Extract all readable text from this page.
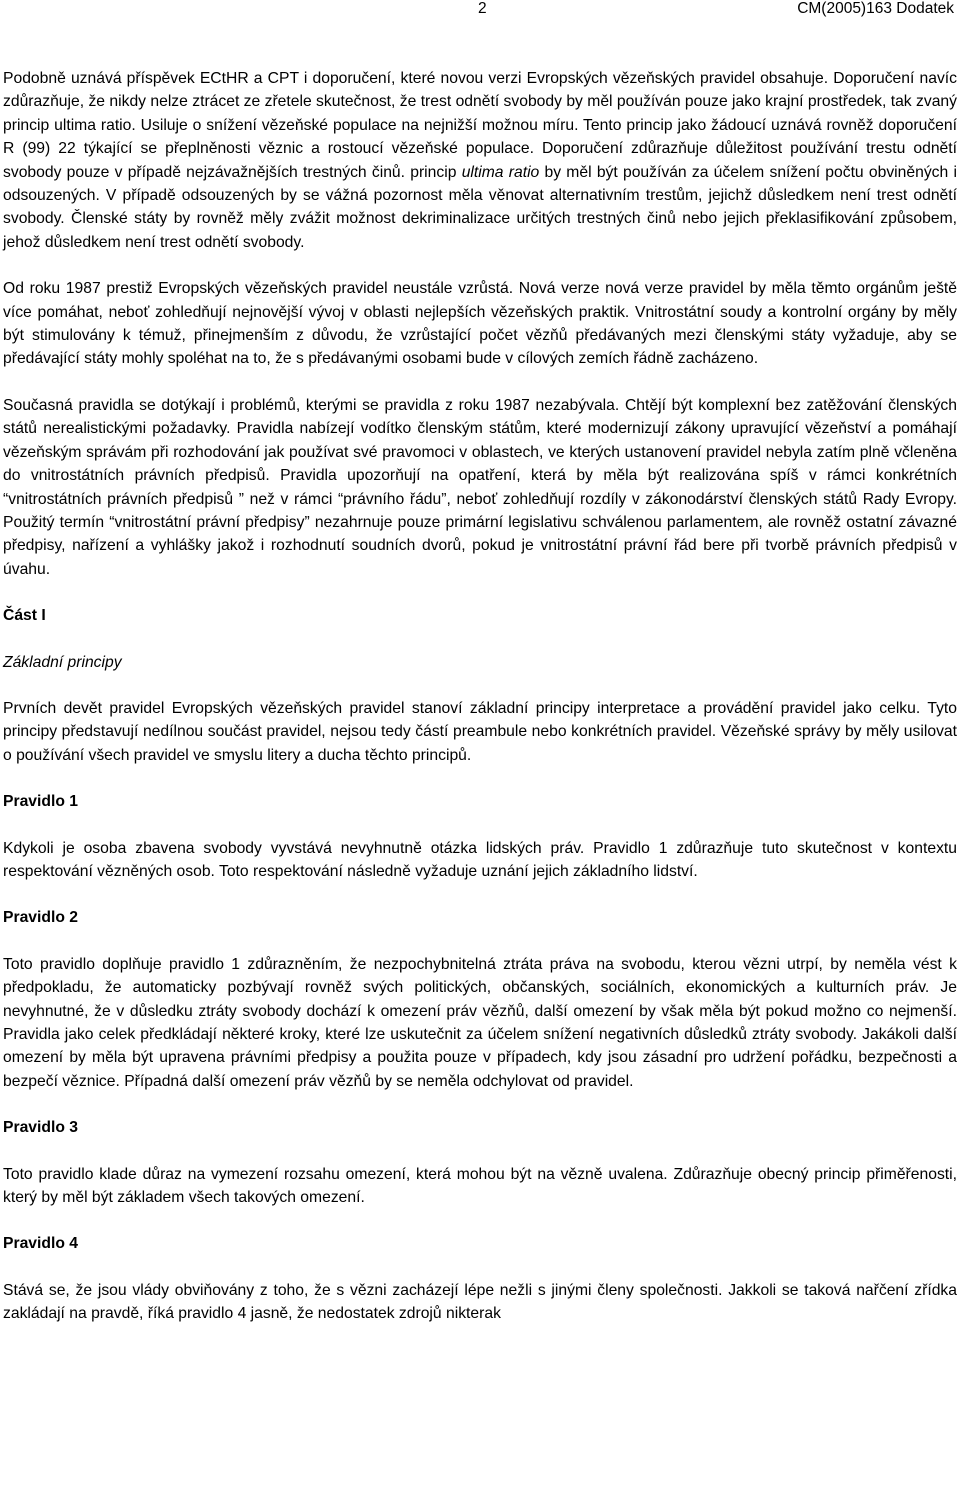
2	CM(2005)163 Dodatek

Podobně uznává příspěvek ECtHR a CPT i doporučení, které novou verzi Evropských vězeňských pravidel obsahuje. Doporučení navíc zdůrazňuje, že nikdy nelze ztrácet ze zřetele skutečnost, že trest odnětí svobody by měl používán pouze jako krajní prostředek, tak zvaný princip ultima ratio. Usiluje o snížení vězeňské populace na nejnižší možnou míru. Tento princip jako žádoucí uznává rovněž doporučení R (99) 22 týkající se přeplněnosti věznic a rostoucí vězeňské populace. Doporučení zdůrazňuje důležitost používání trestu odnětí svobody pouze v případě nejzávažnějších trestných činů. princip ultima ratio by měl být používán za účelem snížení počtu obviněných i odsouzených. V případě odsouzených by se vážná pozornost měla věnovat alternativním trestům, jejichž důsledkem není trest odnětí svobody. Členské státy by rovněž měly zvážit možnost dekriminalizace určitých trestných činů nebo jejich překlasifikování způsobem, jehož důsledkem není trest odnětí svobody.

Od roku 1987 prestiž Evropských vězeňských pravidel neustále vzrůstá. Nová verze nová verze pravidel by měla těmto orgánům ještě více pomáhat, neboť zohledňují nejnovější vývoj v oblasti nejlepších vězeňských praktik. Vnitrostátní soudy a kontrolní orgány by měly být stimulovány k témuž, přinejmenším z důvodu, že vzrůstající počet vězňů předávaných mezi členskými státy vyžaduje, aby se předávající státy mohly spoléhat na to, že s předávanými osobami bude v cílových zemích řádně zacházeno.

Současná pravidla se dotýkají i problémů, kterými se pravidla z roku 1987 nezabývala. Chtějí být komplexní bez zatěžování členských států nerealistickými požadavky. Pravidla nabízejí vodítko členským státům, které modernizují zákony upravující vězeňství a pomáhají vězeňským správám při rozhodování jak používat své pravomoci v oblastech, ve kterých ustanovení pravidel nebyla zatím plně včleněna do vnitrostátních právních předpisů. Pravidla upozorňují na opatření, která by měla být realizována spíš v rámci konkrétních “vnitrostátních právních předpisů ” než v rámci “právního řádu”, neboť zohledňují rozdíly v zákonodárství členských států Rady Evropy. Použitý termín “vnitrostátní právní předpisy” nezahrnuje pouze primární legislativu schválenou parlamentem, ale rovněž ostatní závazné předpisy, nařízení a vyhlášky jakož i rozhodnutí soudních dvorů, pokud je vnitrostátní právní řád bere při tvorbě právních předpisů v úvahu.

Část I

Základní principy

Prvních devět pravidel Evropských vězeňských pravidel stanoví základní principy interpretace a provádění pravidel jako celku. Tyto principy představují nedílnou součást pravidel, nejsou tedy částí preambule nebo konkrétních pravidel. Vězeňské správy by měly usilovat o používání všech pravidel ve smyslu litery a ducha těchto principů.

Pravidlo 1

Kdykoli je osoba zbavena svobody vyvstává nevyhnutně otázka lidských práv. Pravidlo 1 zdůrazňuje tuto skutečnost v kontextu respektování vězněných osob. Toto respektování následně vyžaduje uznání jejich základního lidství.

Pravidlo 2

Toto pravidlo doplňuje pravidlo 1 zdůrazněním, že nezpochybnitelná ztráta práva na svobodu, kterou vězni utrpí, by neměla vést k předpokladu, že automaticky pozbývají rovněž svých politických, občanských, sociálních, ekonomických a kulturních práv. Je nevyhnutné, že v důsledku ztráty svobody dochází k omezení práv vězňů, další omezení by však měla být pokud možno co nejmenší. Pravidla jako celek předkládají některé kroky, které lze uskutečnit za účelem snížení negativních důsledků ztráty svobody. Jakákoli další omezení by měla být upravena právními předpisy a použita pouze v případech, kdy jsou zásadní pro udržení pořádku, bezpečnosti a bezpečí věznice. Případná další omezení práv vězňů by se neměla odchylovat od pravidel.

Pravidlo 3

Toto pravidlo klade důraz na vymezení rozsahu omezení, která mohou být na vězně uvalena. Zdůrazňuje obecný princip přiměřenosti, který by měl být základem všech takových omezení.

Pravidlo 4

Stává se, že jsou vlády obviňovány z toho, že s vězni zacházejí lépe nežli s jinými členy společnosti. Jakkoli se taková nařčení zřídka zakládají na pravdě, říká pravidlo 4 jasně, že nedostatek zdrojů nikterak
